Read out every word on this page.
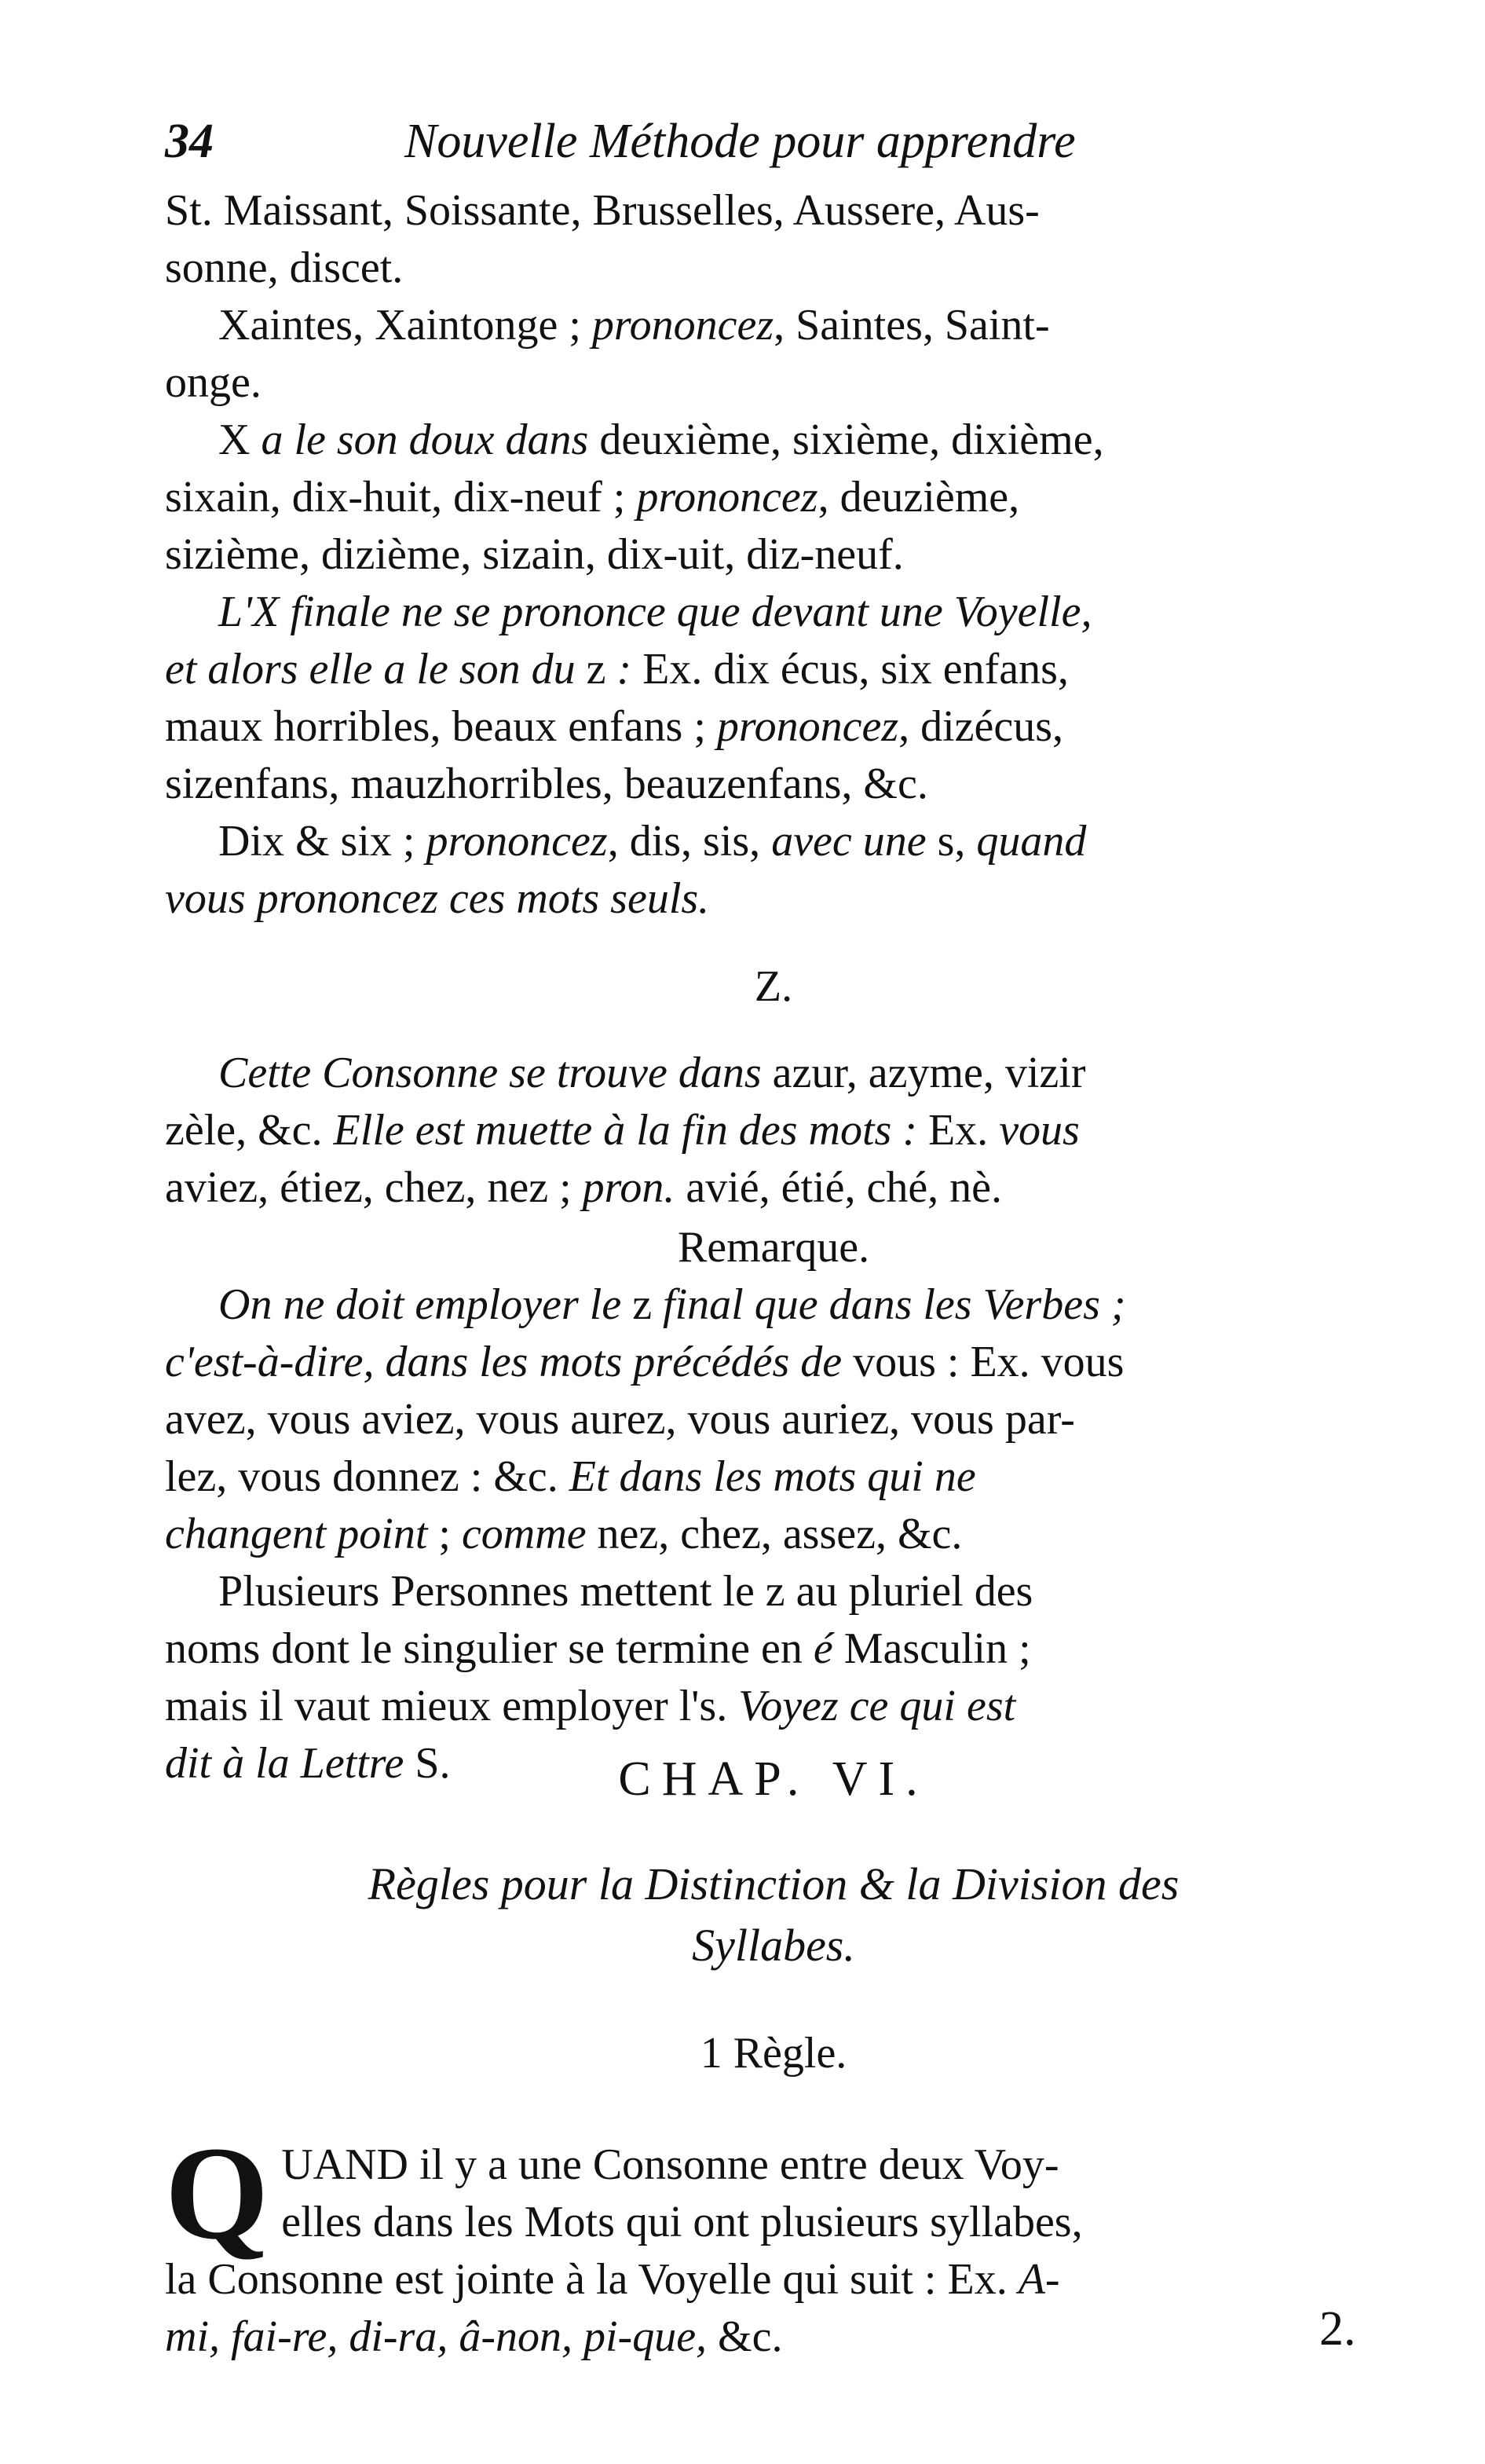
34	Nouvelle Méthode pour apprendre

St. Maissant, Soissante, Brusselles, Aussere, Aus-
sonne, discet.

Xaintes, Xaintonge ; prononcez, Saintes, Saint-
onge.

X a le son doux dans deuxième, sixième, dixième,
sixain, dix-huit, dix-neuf ; prononcez, deuzième,
sizième, dizième, sizain, dix-uit, diz-neuf.

L'X finale ne se prononce que devant une Voyelle,
et alors elle a le son du z : Ex. dix écus, six enfans,
maux horribles, beaux enfans ; prononcez, dizécus,
sizenfans, mauzhorribles, beauzenfans, &c.

Dix & six ; prononcez, dis, sis, avec une s, quand
vous prononcez ces mots seuls.

Z.

Cette Consonne se trouve dans azur, azyme, vizir
zèle, &c. Elle est muette à la fin des mots : Ex. vous
aviez, étiez, chez, nez ; pron. avié, étié, ché, nè.

Remarque.

On ne doit employer le z final que dans les Verbes ;
c'est-à-dire, dans les mots précédés de vous : Ex. vous
avez, vous aviez, vous aurez, vous auriez, vous par-
lez, vous donnez : &c. Et dans les mots qui ne
changent point ; comme nez, chez, assez, &c.

Plusieurs Personnes mettent le z au pluriel des
noms dont le singulier se termine en é Masculin ;
mais il vaut mieux employer l's. Voyez ce qui est
dit à la Lettre S.	CHAP. VI.
Règles pour la Distinction & la Division des
Syllabes.
1 Règle.

QUAND il y a une Consonne entre deux Voy-
elles dans les Mots qui ont plusieurs syllabes,
la Consonne est jointe à la Voyelle qui suit : Ex. A-
mi, fai-re, di-ra, â-non, pi-que, &c.	2.
